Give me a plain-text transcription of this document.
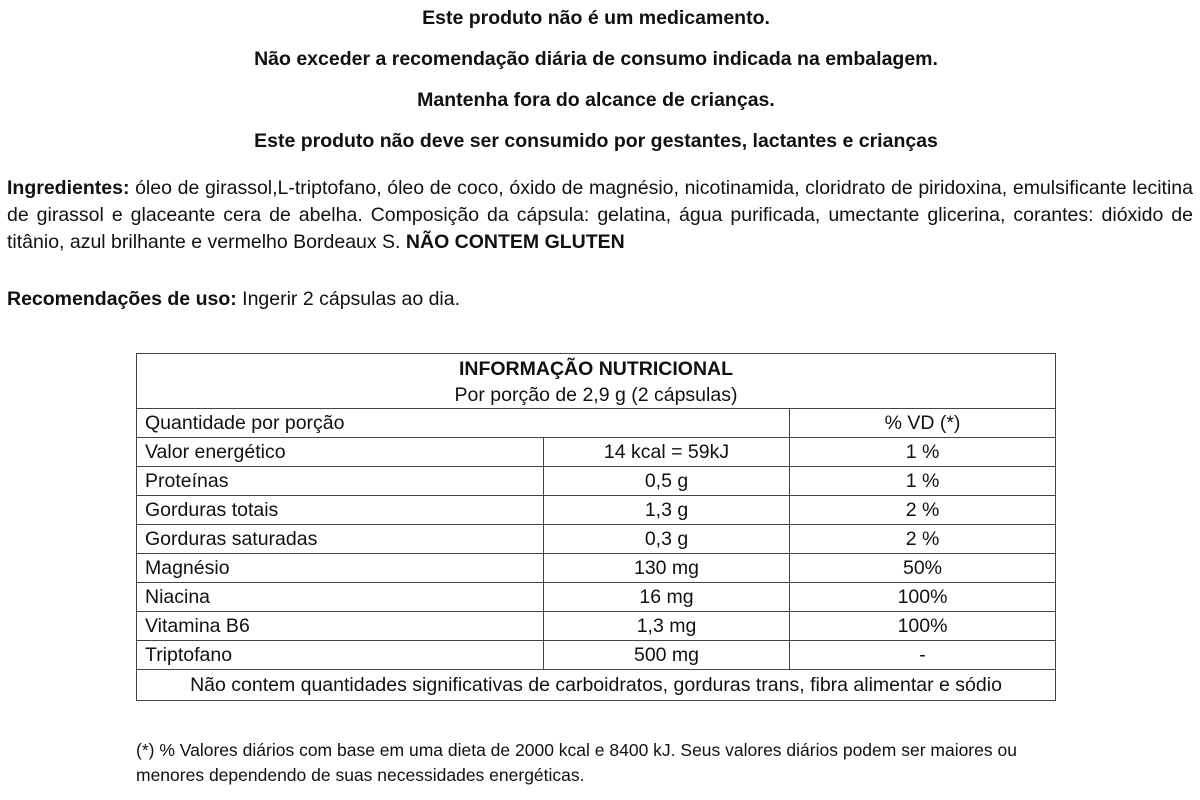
Este produto não é um medicamento.

Não exceder a recomendação diária de consumo indicada na embalagem.

Mantenha fora do alcance de crianças.

Este produto não deve ser consumido por gestantes, lactantes e crianças

Ingredientes: óleo de girassol,L-triptofano, óleo de coco, óxido de magnésio, nicotinamida, cloridrato de piridoxina, emulsificante lecitina de girassol e glaceante cera de abelha. Composição da cápsula: gelatina, água purificada, umectante glicerina, corantes: dióxido de titânio, azul brilhante e vermelho Bordeaux S. NÃO CONTEM GLUTEN

Recomendações de uso: Ingerir 2 cápsulas ao dia.

INFORMAÇÃO NUTRICIONAL
Por porção de 2,9 g (2 cápsulas)		

Quantidade por porção		% VD (*)
Valor energético	14 kcal = 59kJ	1 %
Proteínas	0,5 g	1 %
Gorduras totais	1,3 g	2 %
Gorduras saturadas	0,3 g	2 %
Magnésio	130 mg	50%
Niacina	16 mg	100%
Vitamina B6	1,3 mg	100%
Triptofano	500 mg	-
Não contem quantidades significativas de carboidratos, gorduras trans, fibra alimentar e sódio		

(*) % Valores diários com base em uma dieta de 2000 kcal e 8400 kJ. Seus valores diários podem ser maiores ou menores dependendo de suas necessidades energéticas.
